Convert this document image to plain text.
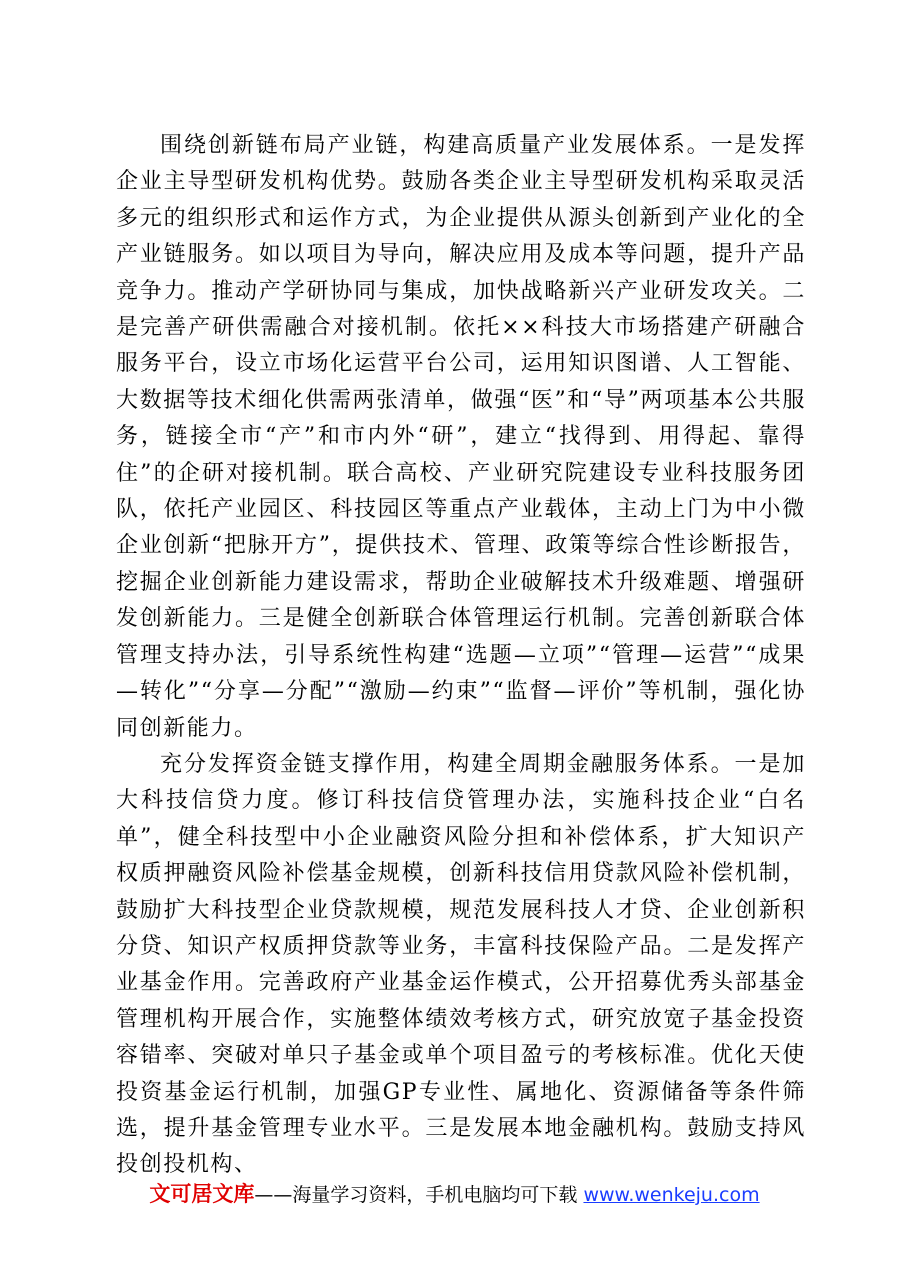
围绕创新链布局产业链，构建高质量产业发展体系。一是发挥企业主导型研发机构优势。鼓励各类企业主导型研发机构采取灵活多元的组织形式和运作方式，为企业提供从源头创新到产业化的全产业链服务。如以项目为导向，解决应用及成本等问题，提升产品竞争力。推动产学研协同与集成，加快战略新兴产业研发攻关。二是完善产研供需融合对接机制。依托××科技大市场搭建产研融合服务平台，设立市场化运营平台公司，运用知识图谱、人工智能、大数据等技术细化供需两张清单，做强“医”和“导”两项基本公共服务，链接全市“产”和市内外“研”，建立“找得到、用得起、靠得住”的企研对接机制。联合高校、产业研究院建设专业科技服务团队，依托产业园区、科技园区等重点产业载体，主动上门为中小微企业创新“把脉开方”，提供技术、管理、政策等综合性诊断报告，挖掘企业创新能力建设需求，帮助企业破解技术升级难题、增强研发创新能力。三是健全创新联合体管理运行机制。完善创新联合体管理支持办法，引导系统性构建“选题—立项”“管理—运营”“成果—转化”“分享—分配”“激励—约束”“监督—评价”等机制，强化协同创新能力。

充分发挥资金链支撑作用，构建全周期金融服务体系。一是加大科技信贷力度。修订科技信贷管理办法，实施科技企业“白名单”，健全科技型中小企业融资风险分担和补偿体系，扩大知识产权质押融资风险补偿基金规模，创新科技信用贷款风险补偿机制，鼓励扩大科技型企业贷款规模，规范发展科技人才贷、企业创新积分贷、知识产权质押贷款等业务，丰富科技保险产品。二是发挥产业基金作用。完善政府产业基金运作模式，公开招募优秀头部基金管理机构开展合作，实施整体绩效考核方式，研究放宽子基金投资容错率、突破对单只子基金或单个项目盈亏的考核标准。优化天使投资基金运行机制，加强GP专业性、属地化、资源储备等条件筛选，提升基金管理专业水平。三是发展本地金融机构。鼓励支持风投创投机构、

文可居文库——海量学习资料，手机电脑均可下载 www.wenkeju.com
